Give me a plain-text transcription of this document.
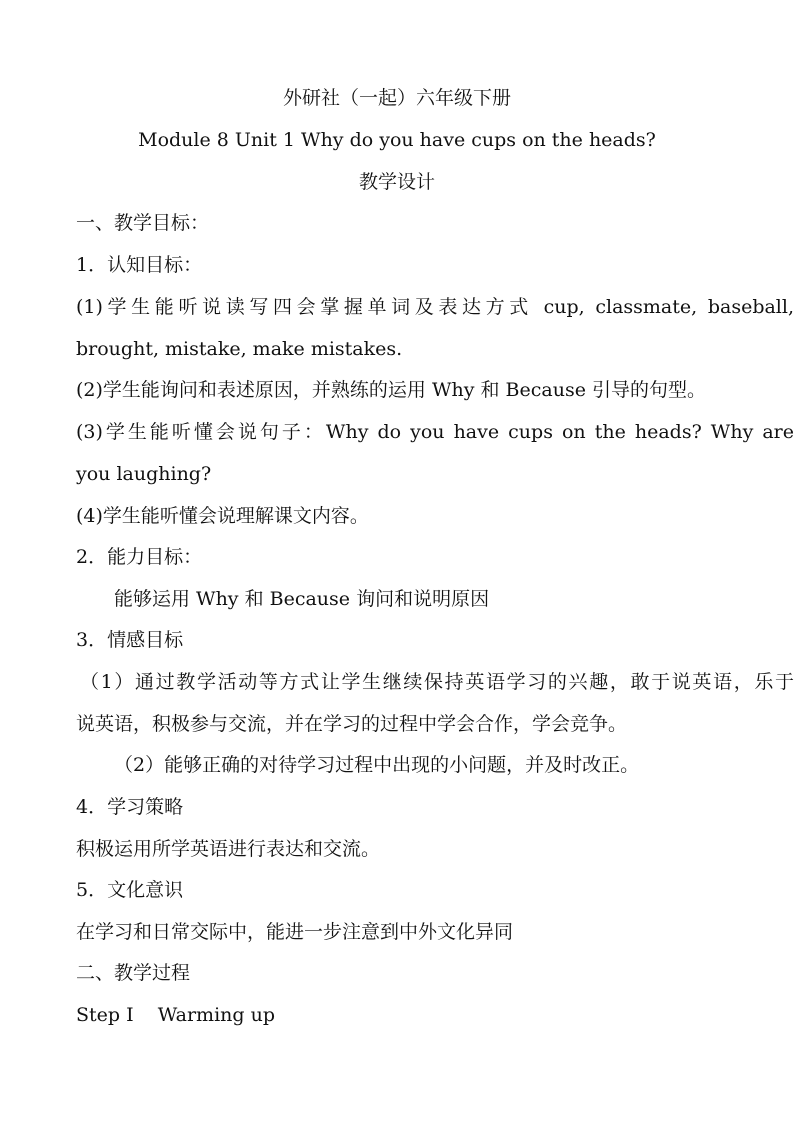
外研社（一起）六年级下册
Module 8 Unit 1 Why do you have cups on the heads?
教学设计
一、教学目标：
1．认知目标：
(1)学生能听说读写四会掌握单词及表达方式 cup, classmate, baseball,
brought, mistake, make mistakes.
(2)学生能询问和表述原因，并熟练的运用 Why 和 Because 引导的句型。
(3)学生能听懂会说句子：Why do you have cups on the heads? Why are
you laughing?
(4)学生能听懂会说理解课文内容。
2．能力目标：
能够运用 Why 和 Because 询问和说明原因
3．情感目标
（1）通过教学活动等方式让学生继续保持英语学习的兴趣，敢于说英语，乐于
说英语，积极参与交流，并在学习的过程中学会合作，学会竞争。
（2）能够正确的对待学习过程中出现的小问题，并及时改正。
4．学习策略
积极运用所学英语进行表达和交流。
5．文化意识
在学习和日常交际中，能进一步注意到中外文化异同
二、教学过程
Step I    Warming up
